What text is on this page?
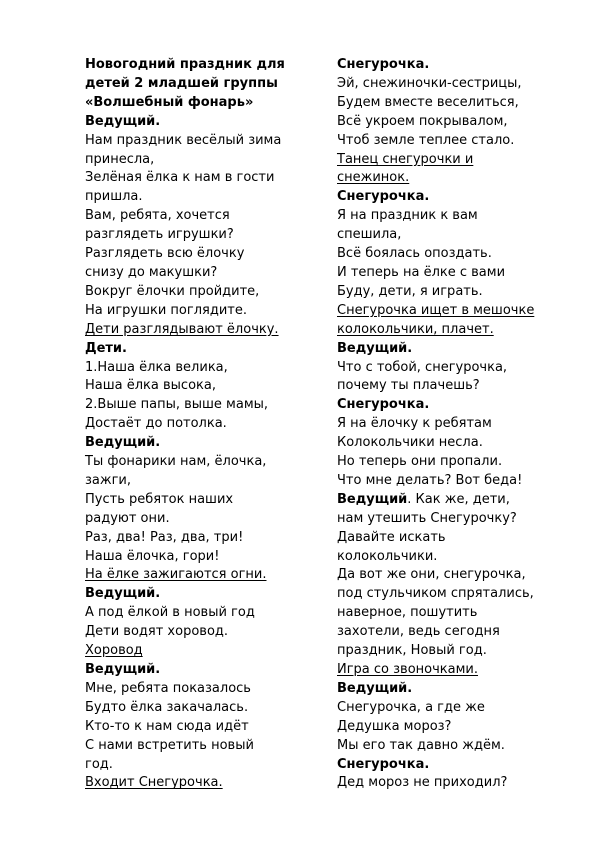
Новогодний праздник для
детей 2 младшей группы
«Волшебный фонарь»
Ведущий.
Нам праздник весёлый зима
принесла,
Зелёная ёлка к нам в гости
пришла.
Вам, ребята, хочется
разглядеть игрушки?
Разглядеть всю ёлочку
снизу до макушки?
Вокруг ёлочки пройдите,
На игрушки поглядите.
Дети разглядывают ёлочку.
Дети.
1.Наша ёлка велика,
Наша ёлка высока,
2.Выше папы, выше мамы,
Достаёт до потолка.
Ведущий.
Ты фонарики нам, ёлочка,
зажги,
Пусть ребяток наших
радуют они.
Раз, два! Раз, два, три!
Наша ёлочка, гори!
На ёлке зажигаются огни.
Ведущий.
А под ёлкой в новый год
Дети водят хоровод.
Хоровод
Ведущий.
Мне, ребята показалось
Будто ёлка закачалась.
Кто-то к нам сюда идёт
С нами встретить новый
год.
Входит Снегурочка.
Снегурочка.
Эй, снежиночки-сестрицы,
Будем вместе веселиться,
Всё укроем покрывалом,
Чтоб земле теплее стало.
Танец снегурочки и
снежинок.
Снегурочка.
Я на праздник к вам
спешила,
Всё боялась опоздать.
И теперь на ёлке с вами
Буду, дети, я играть.
Снегурочка ищет в мешочке
колокольчики, плачет.
Ведущий.
Что с тобой, снегурочка,
почему ты плачешь?
Снегурочка.
Я на ёлочку к ребятам
Колокольчики несла.
Но теперь они пропали.
Что мне делать? Вот беда!
Ведущий. Как же, дети,
нам утешить Снегурочку?
Давайте искать
колокольчики.
Да вот же они, снегурочка,
под стульчиком спрятались,
наверное, пошутить
захотели, ведь сегодня
праздник, Новый год.
Игра со звоночками.
Ведущий.
Снегурочка, а где же
Дедушка мороз?
Мы его так давно ждём.
Снегурочка.
Дед мороз не приходил?
